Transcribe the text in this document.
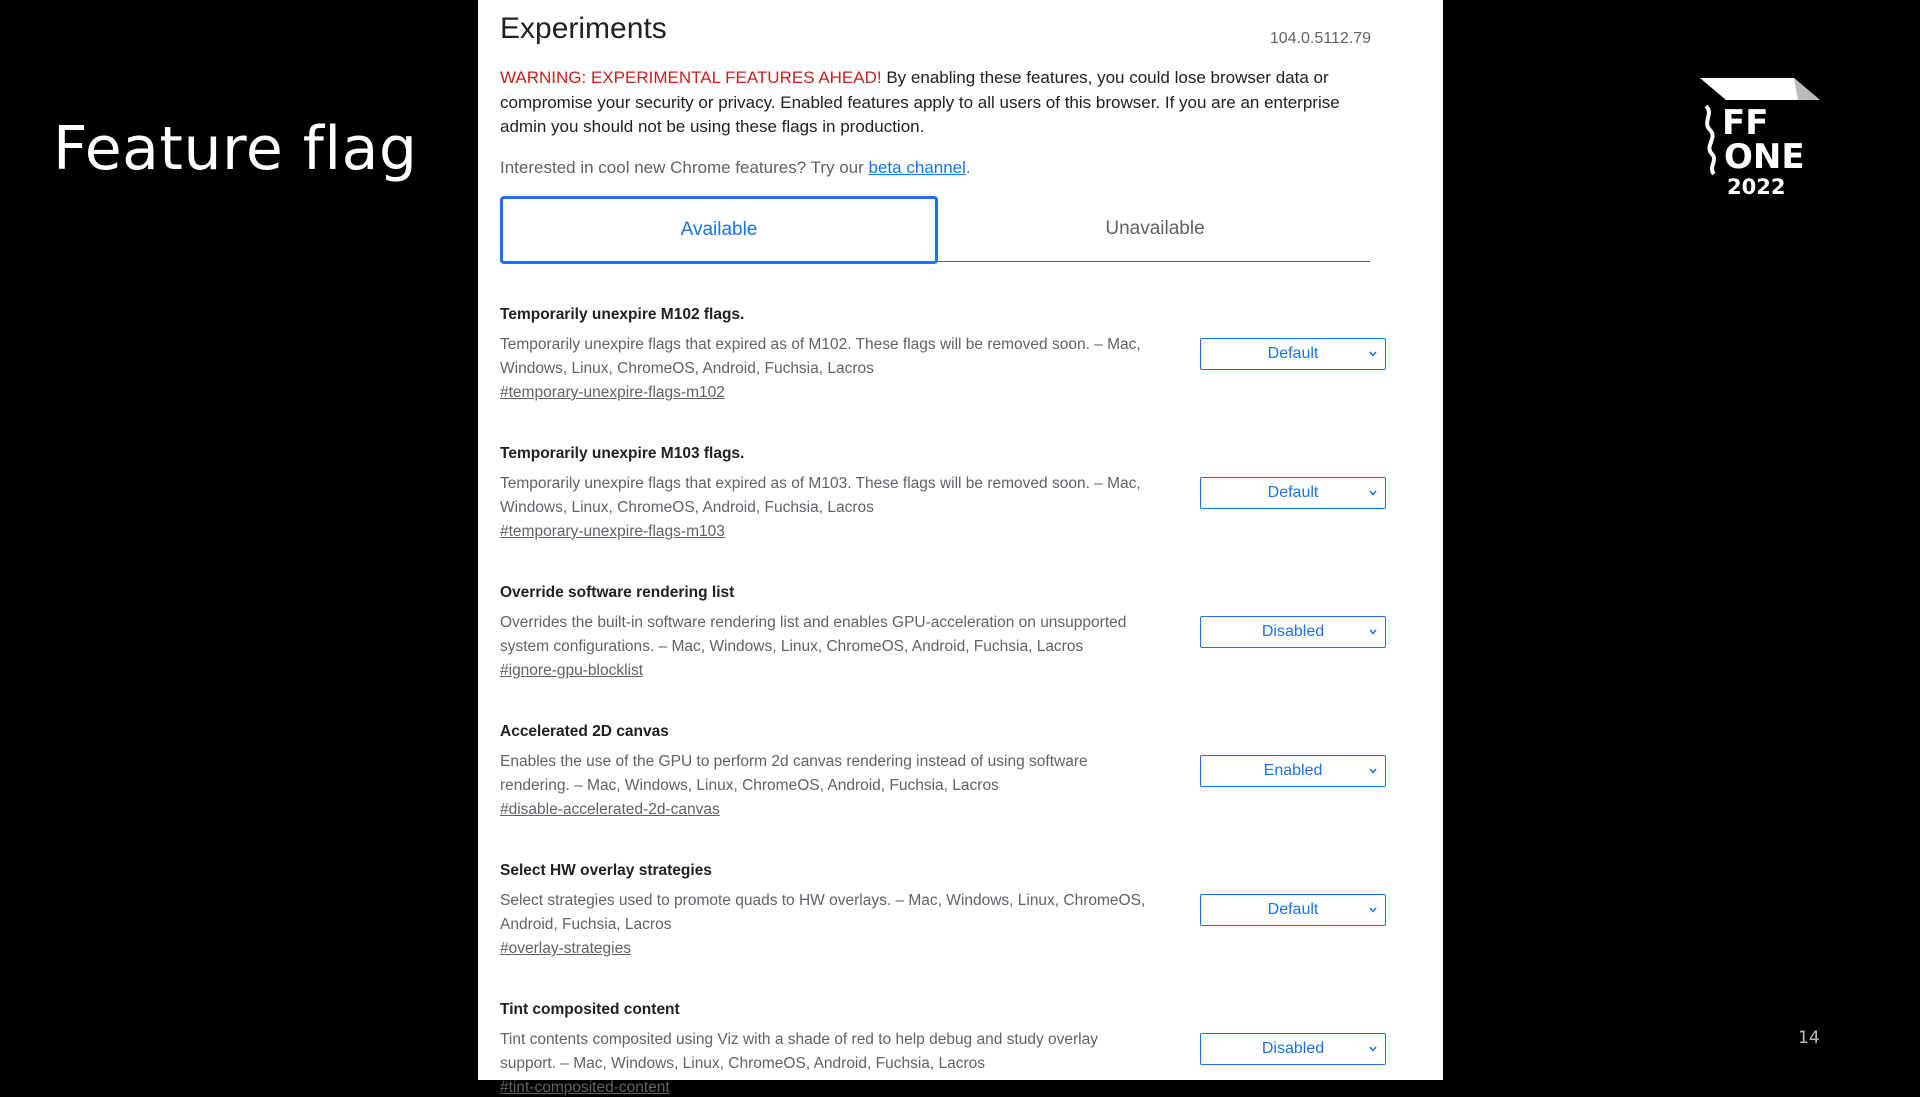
Feature flag	FF
ONE
2022
14
Experiments	104.0.5112.79

WARNING: EXPERIMENTAL FEATURES AHEAD! By enabling these features, you could lose browser data or compromise your security or privacy. Enabled features apply to all users of this browser. If you are an enterprise admin you should not be using these flags in production.

Interested in cool new Chrome features? Try our beta channel.

Unavailable
Available
Temporarily unexpire M102 flags.
Temporarily unexpire flags that expired as of M102. These flags will be removed soon. – Mac, Windows, Linux, ChromeOS, Android, Fuchsia, Lacros
#temporary-unexpire-flags-m102
Default
Temporarily unexpire M103 flags.
Temporarily unexpire flags that expired as of M103. These flags will be removed soon. – Mac, Windows, Linux, ChromeOS, Android, Fuchsia, Lacros
#temporary-unexpire-flags-m103
Default
Override software rendering list
Overrides the built-in software rendering list and enables GPU-acceleration on unsupported system configurations. – Mac, Windows, Linux, ChromeOS, Android, Fuchsia, Lacros
#ignore-gpu-blocklist
Disabled
Accelerated 2D canvas
Enables the use of the GPU to perform 2d canvas rendering instead of using software rendering. – Mac, Windows, Linux, ChromeOS, Android, Fuchsia, Lacros
#disable-accelerated-2d-canvas
Enabled
Select HW overlay strategies
Select strategies used to promote quads to HW overlays. – Mac, Windows, Linux, ChromeOS, Android, Fuchsia, Lacros
#overlay-strategies
Default
Tint composited content
Tint contents composited using Viz with a shade of red to help debug and study overlay support. – Mac, Windows, Linux, ChromeOS, Android, Fuchsia, Lacros
#tint-composited-content
Disabled
